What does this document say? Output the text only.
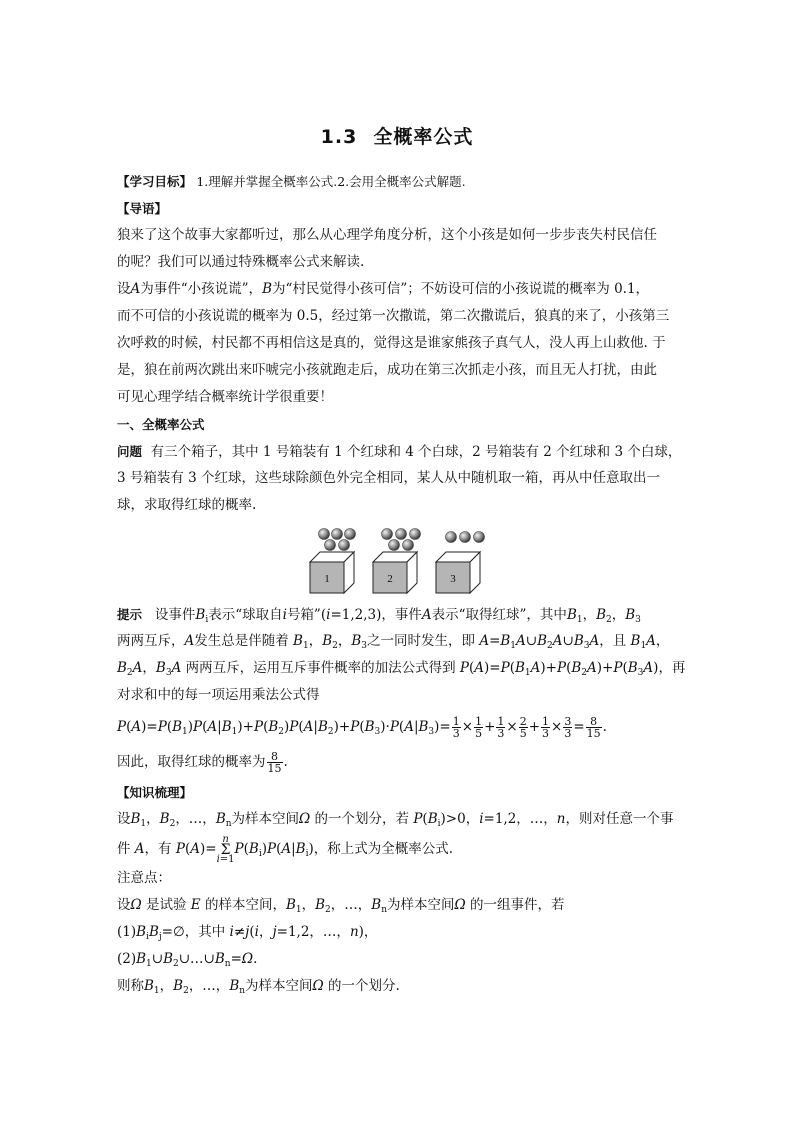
1.3 全概率公式
【学习目标】 1.理解并掌握全概率公式.2.会用全概率公式解题.
【导语】
狼来了这个故事大家都听过，那么从心理学角度分析，这个小孩是如何一步步丧失村民信任
的呢？我们可以通过特殊概率公式来解读.
设A为事件“小孩说谎”，B为“村民觉得小孩可信”；不妨设可信的小孩说谎的概率为 0.1，
而不可信的小孩说谎的概率为 0.5，经过第一次撒谎，第二次撒谎后，狼真的来了，小孩第三
次呼救的时候，村民都不再相信这是真的，觉得这是谁家熊孩子真气人，没人再上山救他. 于
是，狼在前两次跳出来吓唬完小孩就跑走后，成功在第三次抓走小孩，而且无人打扰，由此
可见心理学结合概率统计学很重要！
一、全概率公式
问题 有三个箱子，其中 1 号箱装有 1 个红球和 4 个白球，2 号箱装有 2 个红球和 3 个白球，
3 号箱装有 3 个红球，这些球除颜色外完全相同，某人从中随机取一箱，再从中任意取出一
球，求取得红球的概率.
1	2	3
提示 设事件$B_i$表示“球取自i号箱”(i=1,2,3)，事件A表示“取得红球”，其中$B_1$，$B_2$，$B_3$
两两互斥，A发生总是伴随着 $B_1$，$B_2$，$B_3$之一同时发生，即 $A=B_1A\cup B_2A\cup B_3A$，且 $B_1A$，
$B_2A$，$B_3A$ 两两互斥，运用互斥事件概率的加法公式得到 $P(A)=P(B_1A)+P(B_2A)+P(B_3A)$，再
对求和中的每一项运用乘法公式得
$P(A)=P(B_1)P(A|B_1)+P(B_2)P(A|B_2)+P(B_3)\cdot P(A|B_3)= \frac{1}{3} \times \frac{1}{5} + \frac{1}{3} \times \frac{2}{5} + \frac{1}{3} \times \frac{3}{3} = \frac{8}{15}$ .
因此，取得红球的概率为 $\frac{8}{15}$ .
【知识梳理】
设$B_1$，$B_2$，…，$B_n$为样本空间Ω 的一个划分，若 $P(B_i)>0$，i=1,2，…，n，则对任意一个事
件 A，有 P(A)=n
Σ
$i=1P(B_i)P(A|B_i)$，称上式为全概率公式.
注意点：
设Ω 是试验 E 的样本空间，$B_1$，$B_2$，…，$B_n$为样本空间Ω 的一组事件，若
$(1)B_iB_j=\emptyset$，其中 i≠j(i，j=1,2，…，n)，
$(2)B_1\cup B_2\cup\dots\cup B_n=\Omega$.
则称$B_1$，$B_2$，…，$B_n$为样本空间Ω 的一个划分.
